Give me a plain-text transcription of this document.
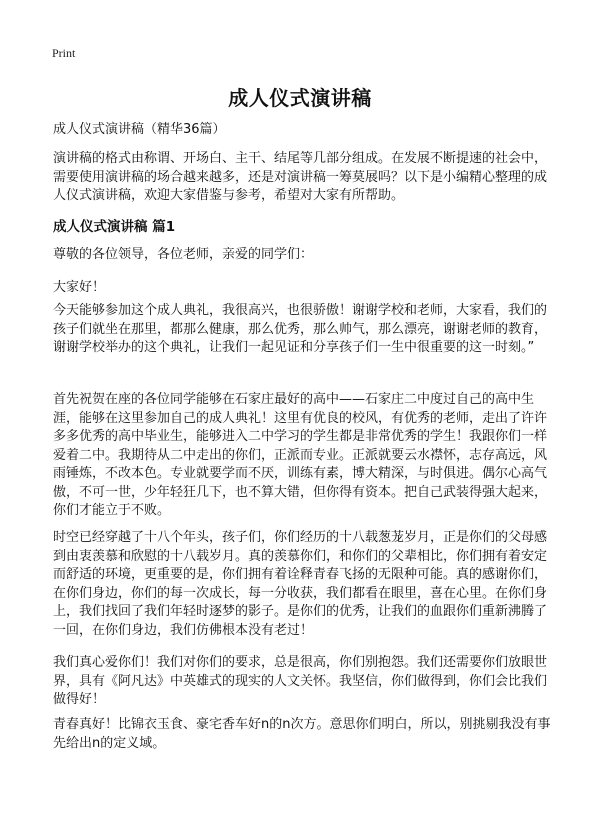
Print
成人仪式演讲稿
成人仪式演讲稿（精华36篇）
演讲稿的格式由称谓、开场白、主干、结尾等几部分组成。在发展不断提速的社会中，需要使用演讲稿的场合越来越多，还是对演讲稿一筹莫展吗？以下是小编精心整理的成人仪式演讲稿，欢迎大家借鉴与参考，希望对大家有所帮助。
成人仪式演讲稿 篇1
尊敬的各位领导，各位老师，亲爱的同学们：
大家好！
今天能够参加这个成人典礼，我很高兴，也很骄傲！谢谢学校和老师，大家看，我们的孩子们就坐在那里，都那么健康，那么优秀，那么帅气，那么漂亮，谢谢老师的教育，谢谢学校举办的这个典礼，让我们一起见证和分享孩子们一生中很重要的这一时刻。”
首先祝贺在座的各位同学能够在石家庄最好的高中——石家庄二中度过自己的高中生涯，能够在这里参加自己的成人典礼！这里有优良的校风，有优秀的老师，走出了许许多多优秀的高中毕业生，能够进入二中学习的学生都是非常优秀的学生！我跟你们一样爱着二中。我期待从二中走出的你们，正派而专业。正派就要云水襟怀，志存高远，风雨锤炼，不改本色。专业就要学而不厌，训练有素，博大精深，与时俱进。偶尔心高气傲，不可一世，少年轻狂几下，也不算大错，但你得有资本。把自己武装得强大起来，你们才能立于不败。
时空已经穿越了十八个年头，孩子们，你们经历的十八载葱茏岁月，正是你们的父母感到由衷羡慕和欣慰的十八载岁月。真的羡慕你们，和你们的父辈相比，你们拥有着安定而舒适的环境，更重要的是，你们拥有着诠释青春飞扬的无限种可能。真的感谢你们，在你们身边，你们的每一次成长，每一分收获，我们都看在眼里，喜在心里。在你们身上，我们找回了我们年轻时逐梦的影子。是你们的优秀，让我们的血跟你们重新沸腾了一回，在你们身边，我们仿佛根本没有老过！
我们真心爱你们！我们对你们的要求，总是很高，你们别抱怨。我们还需要你们放眼世界，具有《阿凡达》中英雄式的现实的人文关怀。我坚信，你们做得到，你们会比我们做得好！
青春真好！比锦衣玉食、豪宅香车好n的n次方。意思你们明白，所以，别挑剔我没有事先给出n的定义域。
